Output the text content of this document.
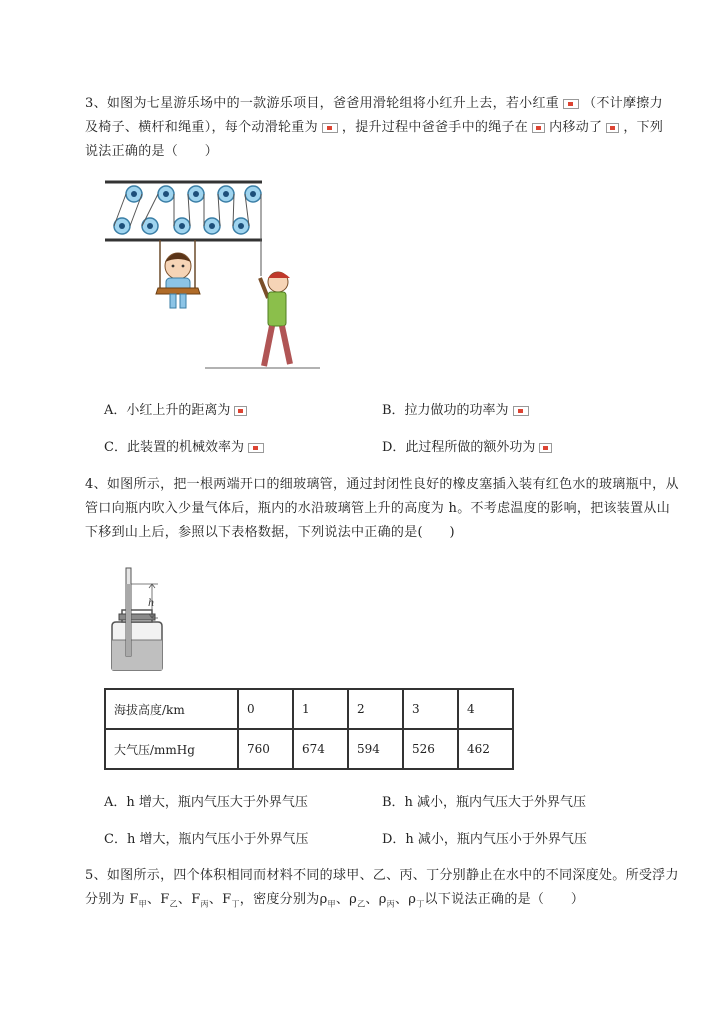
3、如图为七星游乐场中的一款游乐项目，爸爸用滑轮组将小红升上去，若小红重 （不计摩擦力
及椅子、横杆和绳重），每个动滑轮重为 ，提升过程中爸爸手中的绳子在 内移动了 ，下列
说法正确的是（　　）
A．小红上升的距离为	B．拉力做功的功率为
C．此装置的机械效率为	D．此过程所做的额外功为
4、如图所示，把一根两端开口的细玻璃管，通过封闭性良好的橡皮塞插入装有红色水的玻璃瓶中，从
管口向瓶内吹入少量气体后，瓶内的水沿玻璃管上升的高度为 h。不考虑温度的影响，把该装置从山
下移到山上后，参照以下表格数据，下列说法中正确的是(　　)
h
海拔高度/km	0	1	2	3	4
大气压/mmHg	760	674	594	526	462
A．h 增大，瓶内气压大于外界气压	B．h 减小，瓶内气压大于外界气压
C．h 增大，瓶内气压小于外界气压	D．h 减小，瓶内气压小于外界气压
5、如图所示，四个体积相同而材料不同的球甲、乙、丙、丁分别静止在水中的不同深度处。所受浮力
分别为 $F_甲$、$F_乙$、$F_丙$、$F_丁$，密度分别为$\rho_甲$、$\rho_乙$、$\rho_丙$、$\rho_丁$以下说法正确的是（　　）
